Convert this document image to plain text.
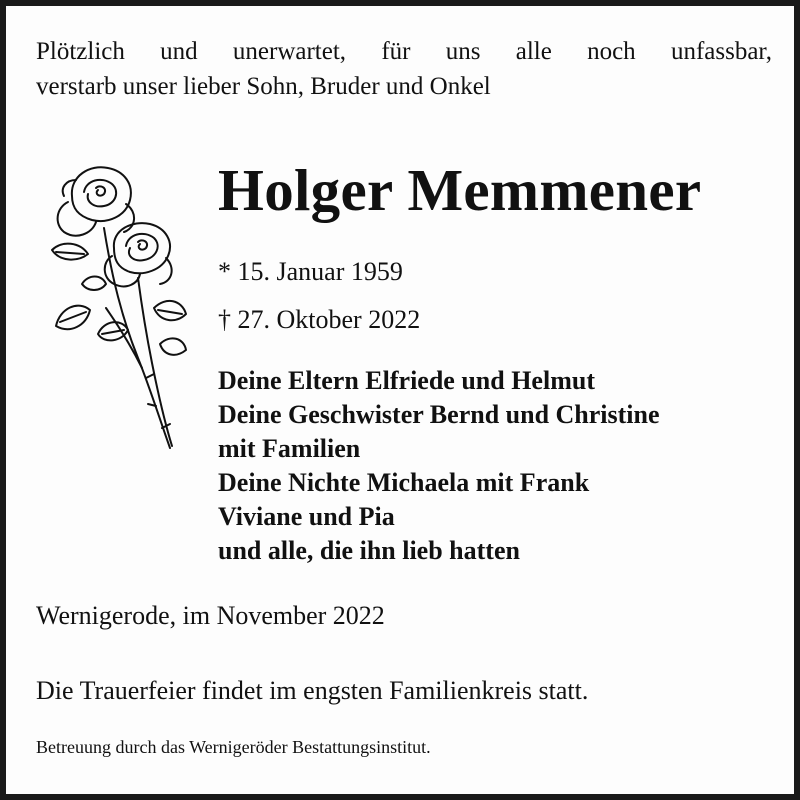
Plötzlich und unerwartet, für uns alle noch unfassbar,
verstarb unser lieber Sohn, Bruder und Onkel
Holger Memmener
* 15. Januar 1959
† 27. Oktober 2022
Deine Eltern Elfriede und Helmut
Deine Geschwister Bernd und Christine
mit Familien
Deine Nichte Michaela mit Frank
Viviane und Pia
und alle, die ihn lieb hatten
Wernigerode, im November 2022
Die Trauerfeier findet im engsten Familienkreis statt.
Betreuung durch das Wernigeröder Bestattungsinstitut.
